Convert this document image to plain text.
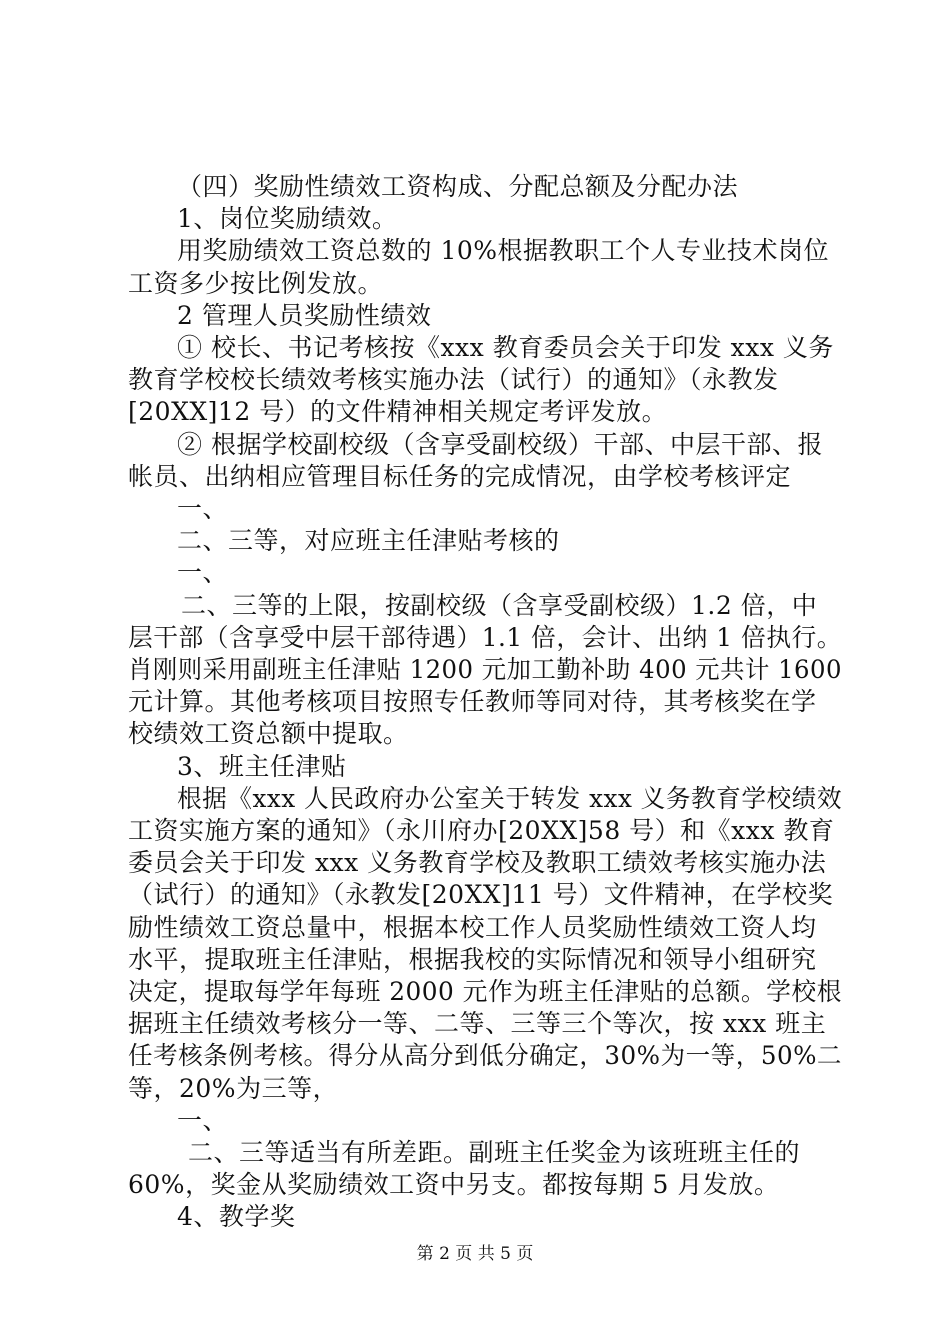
（四）奖励性绩效工资构成、分配总额及分配办法
1、岗位奖励绩效。
用奖励绩效工资总数的 10%根据教职工个人专业技术岗位
工资多少按比例发放。
2 管理人员奖励性绩效
① 校长、书记考核按《xxx 教育委员会关于印发 xxx 义务
教育学校校长绩效考核实施办法（试行）的通知》（永教发
[20XX]12 号）的文件精神相关规定考评发放。
② 根据学校副校级（含享受副校级）干部、中层干部、报
帐员、出纳相应管理目标任务的完成情况，由学校考核评定
一、
二、三等，对应班主任津贴考核的
一、
二、三等的上限，按副校级（含享受副校级）1.2 倍，中
层干部（含享受中层干部待遇）1.1 倍，会计、出纳 1 倍执行。
肖刚则采用副班主任津贴 1200 元加工勤补助 400 元共计 1600
元计算。其他考核项目按照专任教师等同对待，其考核奖在学
校绩效工资总额中提取。
3、班主任津贴
根据《xxx 人民政府办公室关于转发 xxx 义务教育学校绩效
工资实施方案的通知》（永川府办[20XX]58 号）和《xxx 教育
委员会关于印发 xxx 义务教育学校及教职工绩效考核实施办法
（试行）的通知》（永教发[20XX]11 号）文件精神，在学校奖
励性绩效工资总量中，根据本校工作人员奖励性绩效工资人均
水平，提取班主任津贴，根据我校的实际情况和领导小组研究
决定，提取每学年每班 2000 元作为班主任津贴的总额。学校根
据班主任绩效考核分一等、二等、三等三个等次，按 xxx 班主
任考核条例考核。得分从高分到低分确定，30%为一等，50%二
等，20%为三等，
一、
二、三等适当有所差距。副班主任奖金为该班班主任的
60%，奖金从奖励绩效工资中另支。都按每期 5 月发放。
4、教学奖
第 2 页 共 5 页
